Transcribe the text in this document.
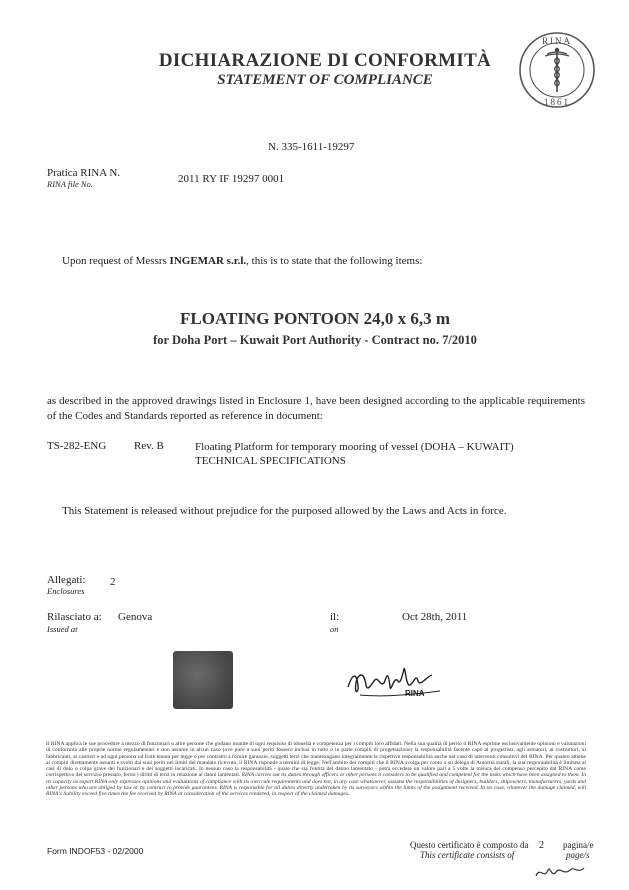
DICHIARAZIONE DI CONFORMITÀ
STATEMENT OF COMPLIANCE
RINA
1861
N. 335-1611-19297
Pratica RINA N.
RINA file No.	2011 RY IF 19297 0001
Upon request of Messrs INGEMAR s.r.l., this is to state that the following items:
FLOATING PONTOON 24,0 x 6,3 m
for Doha Port – Kuwait Port Authority - Contract no. 7/2010
as described in the approved drawings listed in Enclosure 1, have been designed according to the applicable requirements of the Codes and Standards reported as reference in document:
TS-282-ENG	Rev. B	Floating Platform for temporary mooring of vessel (DOHA – KUWAIT)
TECHNICAL SPECIFICATIONS
This Statement is released without prejudice for the purposed allowed by the Laws and Acts in force.
Allegati:
Enclosures
2
Rilasciato a:
Issued at
Genova	il:
on
Oct 28th, 2011
RINA
Il RINA applica le sue procedure a mezzo di funzionari o altre persone che godano munite di ogni requisito di idoneità e competenza per i compiti loro affidati. Nella sua qualità di perito il RINA esprime esclusivamente opinioni e valutazioni di conformità alle proprie norme regolamentari e non assume in alcun caso (ove pure a suoi periti fossero inclusi in tutto o in parte compiti di progettazione) la responsabilità facente capo ai progettisti, agli armatori, ai costruttori, ai fabbricanti, ai cantieri e ad ogni persona od Ente tenuta per legge o per contratto a fornire garanzie, soggetti terzi che manteangano integralmente le rispettive responsabilità anche nel caso di interventi consultivi del RINA. Per quanto attiene ai compiti direttamente assunti e svolti dai suoi periti nei limiti del mandato ricevuto, il RINA risponde a termini di legge. Nell'ambito dei compiti che il RINA svolga per conto o su delega di Autorità statali, la sua responsabilità è limitata ai casi di dolo o colpa grave dei funzionari e dei soggetti incaricati. In nessun caso la responsabilità - quale che sia l'entità del danno lamentato - potrà eccedere un valore pari a 5 volte la misura del compenso percepito dal RINA come corrispettivo del servizio prestato, fermi i diritti di terzi in relazione ai danni lamentati. RINA carries out its duties through officers or other persons it considers to be qualified and competent for the tasks which have been assigned to them. In its capacity as expert RINA only expresses opinions and evaluations of compliance with its own rule requirements and does not, in any case whatsoever, assume the responsibilities of designers, builders, shipowners, manufacturers, yards and other persons who are obliged by law or by contract to provide guarantees. RINA is responsible for all duties directly undertaken by its surveyors within the limits of the assignment received. In no case, whatever the damage claimed, will RINA's liability exceed five times the fee received by RINA in consideration of the services rendered, in respect of the claimed damages.
Form INDOF53 - 02/2000
Questo certificato è composto da
This certificate consists of
2 pagina/e
page/s
